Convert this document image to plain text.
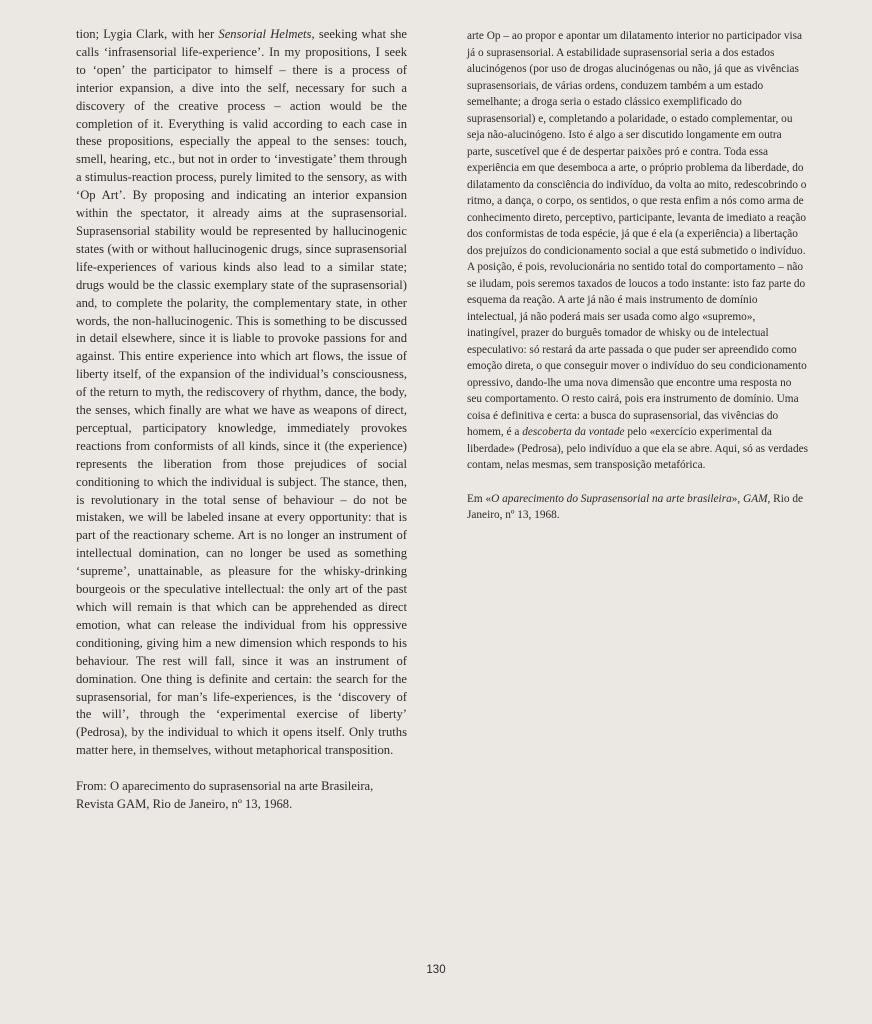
tion; Lygia Clark, with her Sensorial Helmets, seeking what she calls ‘infrasensorial life-experience’. In my propositions, I seek to ‘open’ the participator to himself – there is a process of interior expansion, a dive into the self, necessary for such a discovery of the creative process – action would be the completion of it. Everything is valid according to each case in these propositions, especially the appeal to the senses: touch, smell, hearing, etc., but not in order to ‘investigate’ them through a stimulus-reaction process, purely limited to the sensory, as with ‘Op Art’. By proposing and indicating an interior expansion within the spectator, it already aims at the suprasensorial. Suprasensorial stability would be represented by hallucinogenic states (with or without hallucinogenic drugs, since suprasensorial life-experiences of various kinds also lead to a similar state; drugs would be the classic exemplary state of the suprasensorial) and, to complete the polarity, the complementary state, in other words, the non-hallucinogenic. This is something to be discussed in detail elsewhere, since it is liable to provoke passions for and against. This entire experience into which art flows, the issue of liberty itself, of the expansion of the individual’s consciousness, of the return to myth, the rediscovery of rhythm, dance, the body, the senses, which finally are what we have as weapons of direct, perceptual, participatory knowledge, immediately provokes reactions from conformists of all kinds, since it (the experience) represents the liberation from those prejudices of social conditioning to which the individual is subject. The stance, then, is revolutionary in the total sense of behaviour – do not be mistaken, we will be labeled insane at every opportunity: that is part of the reactionary scheme. Art is no longer an instrument of intellectual domination, can no longer be used as something ‘supreme’, unattainable, as pleasure for the whisky-drinking bourgeois or the speculative intellectual: the only art of the past which will remain is that which can be apprehended as direct emotion, what can release the individual from his oppressive conditioning, giving him a new dimension which responds to his behaviour. The rest will fall, since it was an instrument of domination. One thing is definite and certain: the search for the suprasensorial, for man’s life-experiences, is the ‘discovery of the will’, through the ‘experimental exercise of liberty’ (Pedrosa), by the individual to which it opens itself. Only truths matter here, in themselves, without metaphorical transposition.

From: O aparecimento do suprasensorial na arte Brasileira,
Revista GAM, Rio de Janeiro, nº 13, 1968.

arte Op – ao propor e apontar um dilatamento interior no participador visa já o suprasensorial. A estabilidade suprasensorial seria a dos estados alucinógenos (por uso de drogas alucinógenas ou não, já que as vivências suprasensoriais, de várias ordens, conduzem também a um estado semelhante; a droga seria o estado clássico exemplificado do suprasensorial) e, completando a polaridade, o estado complementar, ou seja não-alucinógeno. Isto é algo a ser discutido longamente em outra parte, suscetível que é de despertar paixões pró e contra. Toda essa experiência em que desemboca a arte, o próprio problema da liberdade, do dilatamento da consciência do indivíduo, da volta ao mito, redescobrindo o ritmo, a dança, o corpo, os sentidos, o que resta enfim a nós como arma de conhecimento direto, perceptivo, participante, levanta de imediato a reação dos conformistas de toda espécie, já que é ela (a experiência) a libertação dos prejuízos do condicionamento social a que está submetido o indivíduo. A posição, é pois, revolucionária no sentido total do comportamento – não se iludam, pois seremos taxados de loucos a todo instante: isto faz parte do esquema da reação. A arte já não é mais instrumento de domínio intelectual, já não poderá mais ser usada como algo «supremo», inatingível, prazer do burguês tomador de whisky ou de intelectual especulativo: só restará da arte passada o que puder ser apreendido como emoção direta, o que conseguir mover o indivíduo do seu condicionamento opressivo, dando-lhe uma nova dimensão que encontre uma resposta no seu comportamento. O resto cairá, pois era instrumento de domínio. Uma coisa é definitiva e certa: a busca do suprasensorial, das vivências do homem, é a descoberta da vontade pelo «exercício experimental da liberdade» (Pedrosa), pelo indivíduo a que ela se abre. Aqui, só as verdades contam, nelas mesmas, sem transposição metafórica.

Em «O aparecimento do Suprasensorial na arte brasileira», GAM, Rio de Janeiro, nº 13, 1968.

130
